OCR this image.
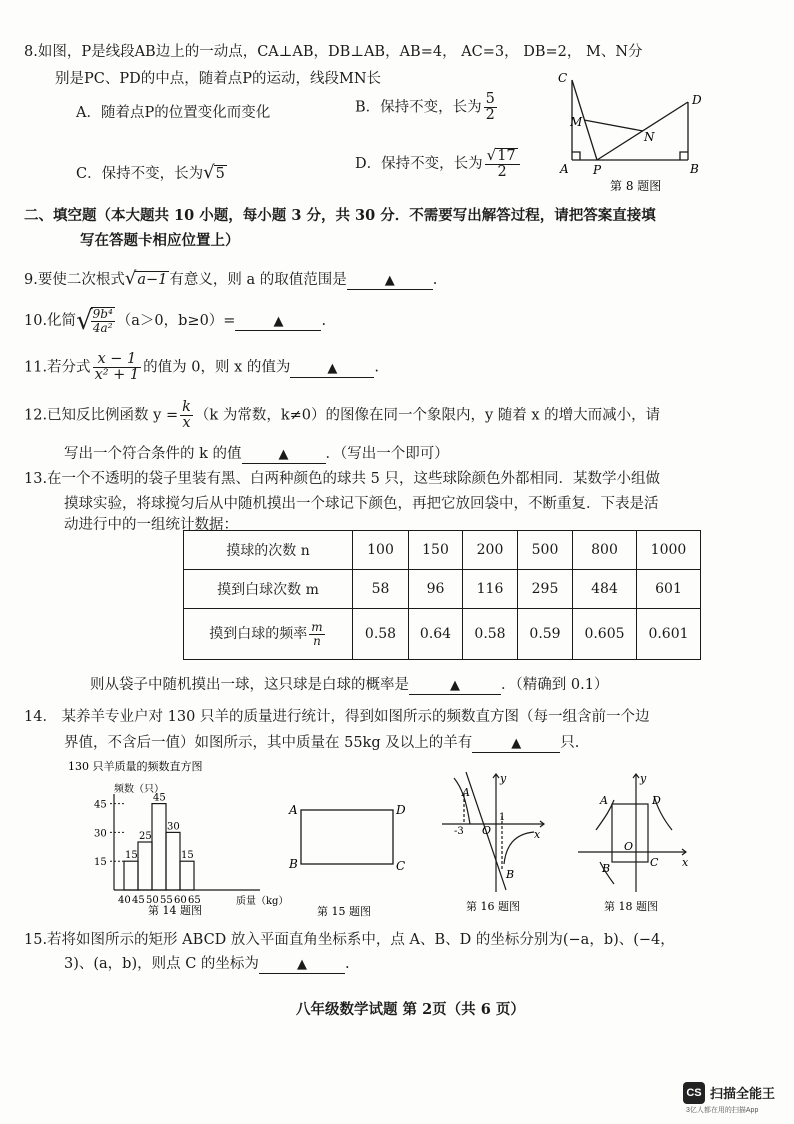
8.如图，P是线段AB边上的一动点，CA⊥AB，DB⊥AB，AB=4， AC=3， DB=2， M、N分
别是PC、PD的中点，随着点P的运动，线段MN长
A．随着点P的位置变化而变化	B．保持不变，长为 $\frac{5}{2}$
C．保持不变，长为√5
D．保持不变，长为 $\frac{√17}{2}$
C
D
M
N
A P	B
第 8 题图
二、填空题（本大题共 10 小题，每小题 3 分，共 30 分．不需要写出解答过程，请把答案直接填
写在答题卡相应位置上）
9.要使二次根式√a−1 有意义，则 a 的取值范围是	▲	.
10.化简√
$\frac{\text{9b⁴}}{\text{4a²}} (a>0$，b≥0）=	▲	.
11.若分式 $\frac{x - 1}{\text{x² + 1}}$ 的值为 0，则 x 的值为	▲	.
12.已知反比例函数 $y = \frac{k}{x} (k$ 为常数，k≠0）的图像在同一个象限内，y 随着 x 的增大而减小，请
写出一个符合条件的 k 的值	▲	．（写出一个即可）
13.在一个不透明的袋子里装有黑、白两种颜色的球共 5 只，这些球除颜色外都相同．某数学小组做
摸球实验，将球搅匀后从中随机摸出一个球记下颜色，再把它放回袋中，不断重复．下表是活
动进行中的一组统计数据：
摸球的次数 n	100	150	200	500	800	1000
摸到白球次数 m	58	96	116	295	484	601
摸到白球的频率 $\frac{m}{n}$	0.58	0.64	0.58	0.59	0.605	0.601
则从袋子中随机摸出一球，这只球是白球的概率是	▲	．（精确到 0.1）
14． 某养羊专业户对 130 只羊的质量进行统计，得到如图所示的频数直方图（每一组含前一个边
界值，不含后一值）如图所示，其中质量在 55kg 及以上的羊有	▲	只.
130 只羊质量的频数直方图
频数（只）
质量（kg）
第 14 题图
15
25
45
30
15
15
30
45
40 45 50 55 60 65
A	D
B	C
第 15 题图
y
x
A
B
O
-3
1
第 16 题图
y
x
A	D
O
B	C
第 18 题图
15.若将如图所示的矩形 ABCD 放入平面直角坐标系中，点 A、B、D 的坐标分别为(−a，b)、(−4，
3)、(a，b)，则点 C 的坐标为	▲	.
八年级数学试题 第 2页（共 6 页）
CS 扫描全能王
3亿人都在用的扫描App
